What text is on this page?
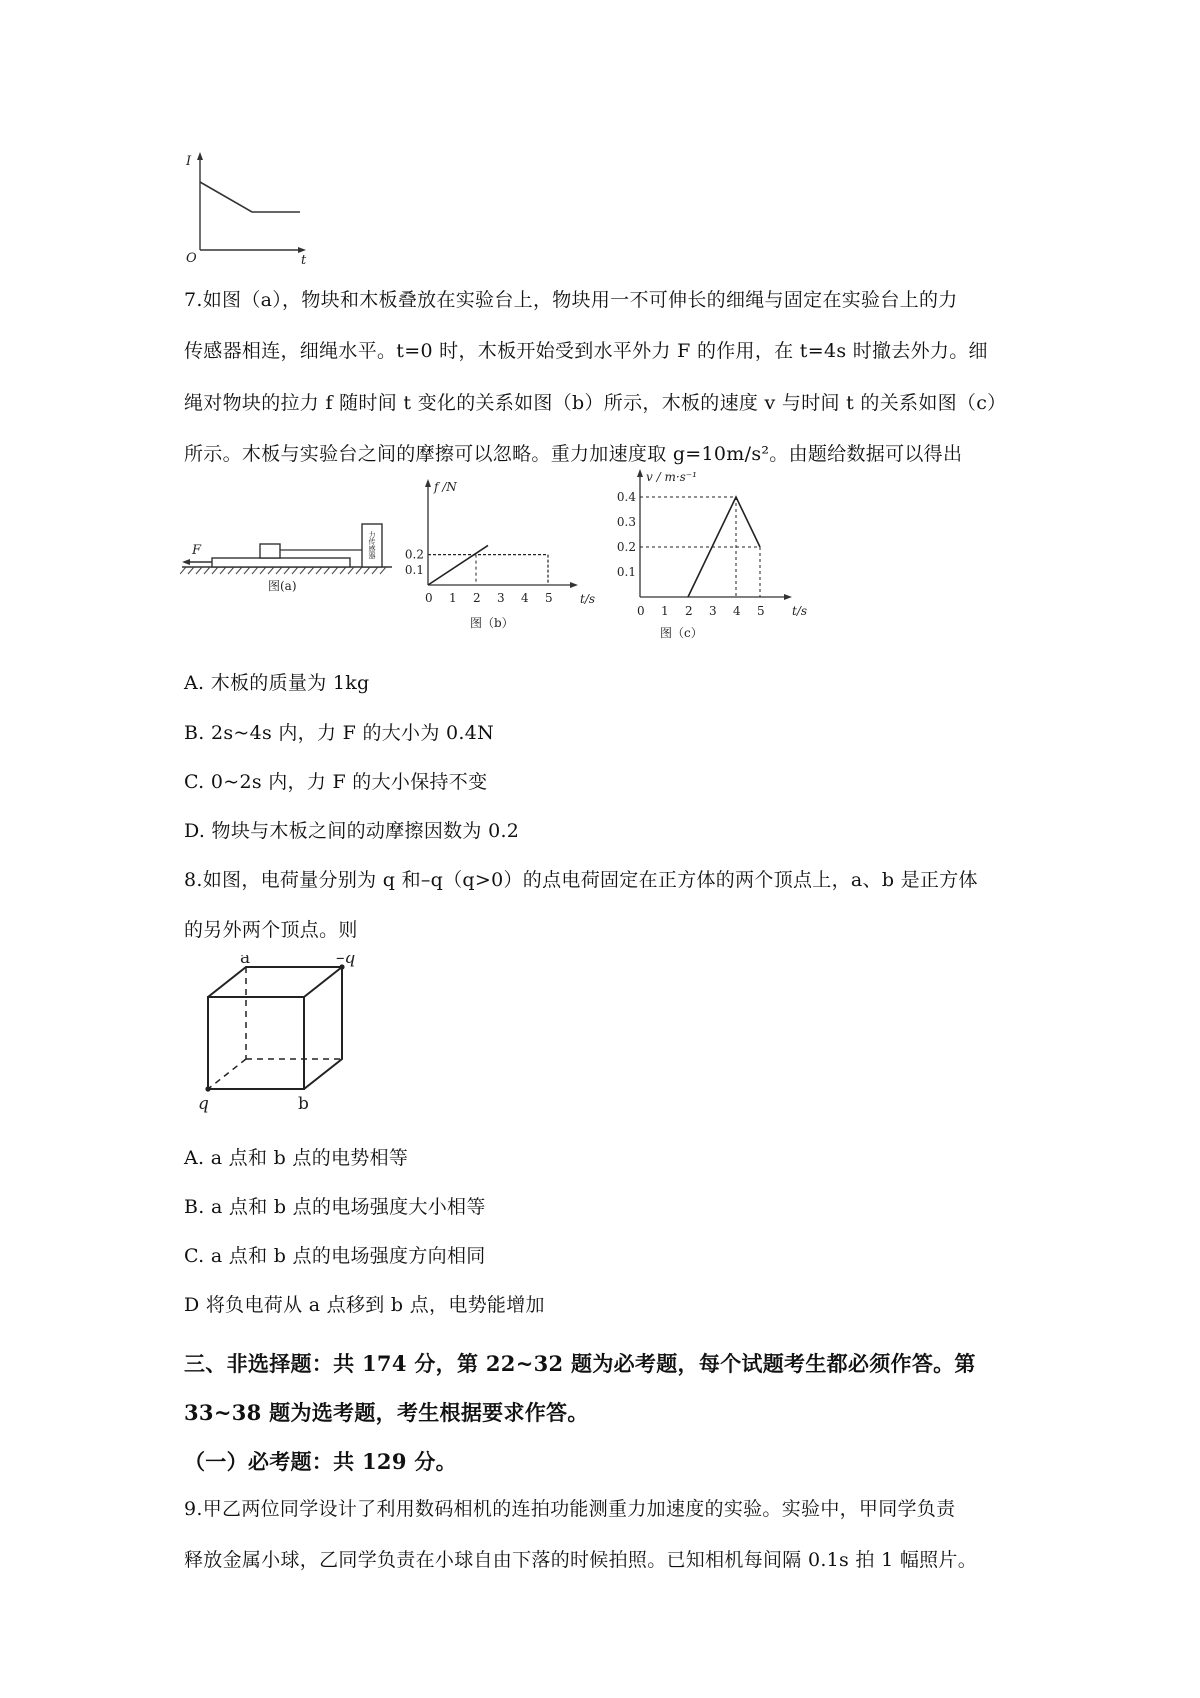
I
O	t
7.如图（a），物块和木板叠放在实验台上，物块用一不可伸长的细绳与固定在实验台上的力
传感器相连，细绳水平。t=0 时，木板开始受到水平外力 F 的作用，在 t=4s 时撤去外力。细
绳对物块的拉力 f 随时间 t 变化的关系如图（b）所示，木板的速度 v 与时间 t 的关系如图（c）
所示。木板与实验台之间的摩擦可以忽略。重力加速度取 g=10m/s²。由题给数据可以得出
力传感器
F
图(a)
0 1 2 3 4 5
0.1
0.2
f /N
t/s
图（b）
0 1 2 3 4 5
0.1
0.2
0.3
0.4
v / m·s⁻¹
t/s
图（c）
A. 木板的质量为 1kg
B. 2s~4s 内，力 F 的大小为 0.4N
C. 0~2s 内，力 F 的大小保持不变
D. 物块与木板之间的动摩擦因数为 0.2
8.如图，电荷量分别为 q 和–q（q>0）的点电荷固定在正方体的两个顶点上，a、b 是正方体
的另外两个顶点。则
a	–q
q	b
A. a 点和 b 点的电势相等
B. a 点和 b 点的电场强度大小相等
C. a 点和 b 点的电场强度方向相同
D 将负电荷从 a 点移到 b 点，电势能增加
三、非选择题：共 174 分，第 22~32 题为必考题，每个试题考生都必须作答。第
33~38 题为选考题，考生根据要求作答。
（一）必考题：共 129 分。
9.甲乙两位同学设计了利用数码相机的连拍功能测重力加速度的实验。实验中，甲同学负责
释放金属小球，乙同学负责在小球自由下落的时候拍照。已知相机每间隔 0.1s 拍 1 幅照片。
